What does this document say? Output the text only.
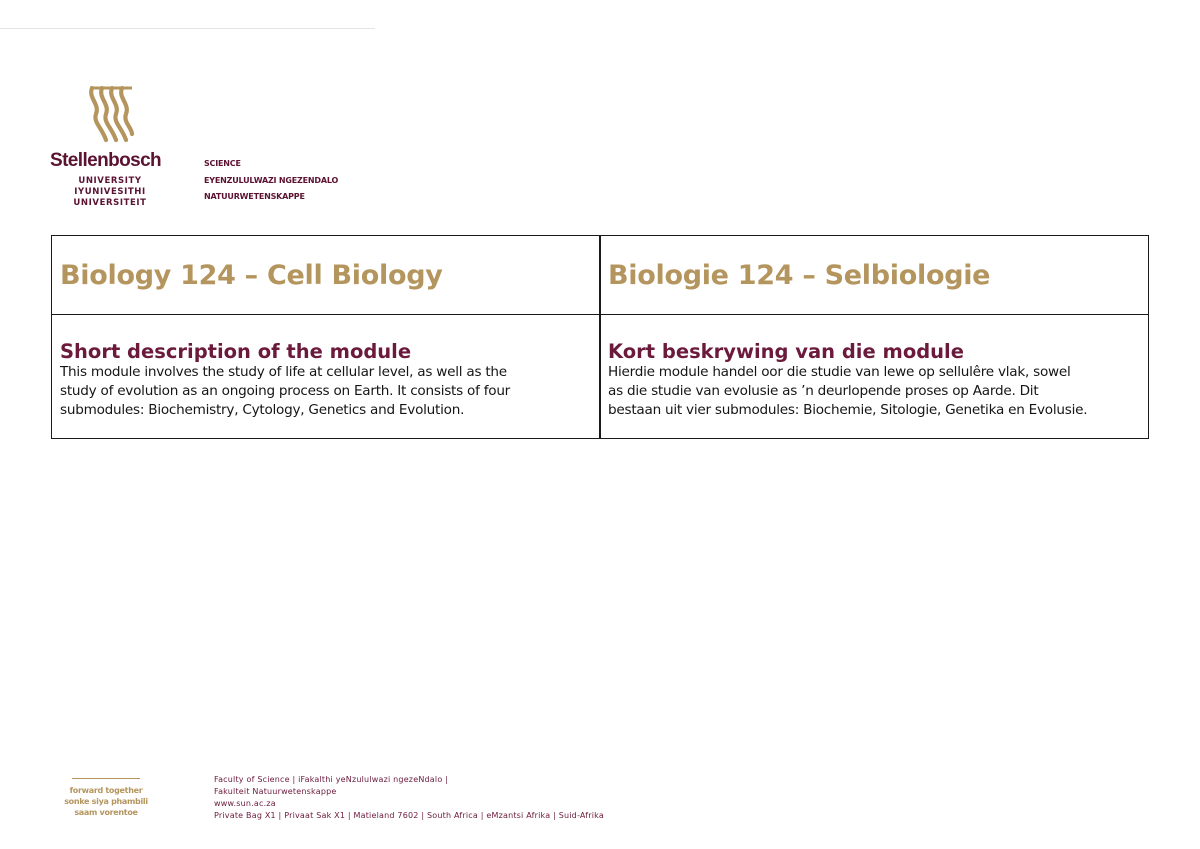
Stellenbosch
UNIVERSITY
IYUNIVESITHI
UNIVERSITEIT
SCIENCE
EYENZULULWAZI NGEZENDALO
NATUURWETENSKAPPE
Biology 124 – Cell Biology	Biologie 124 – Selbiologie
Short description of the module
This module involves the study of life at cellular level, as well as the
study of evolution as an ongoing process on Earth. It consists of four
submodules: Biochemistry, Cytology, Genetics and Evolution.
Kort beskrywing van die module
Hierdie module handel oor die studie van lewe op sellulêre vlak, sowel
as die studie van evolusie as ’n deurlopende proses op Aarde. Dit
bestaan uit vier submodules: Biochemie, Sitologie, Genetika en Evolusie.
forward together
sonke siya phambili
saam vorentoe
Faculty of Science | iFakalthi yeNzululwazi ngezeNdalo |
Fakulteit Natuurwetenskappe
www.sun.ac.za
Private Bag X1 | Privaat Sak X1 | Matieland 7602 | South Africa | eMzantsi Afrika | Suid-Afrika
